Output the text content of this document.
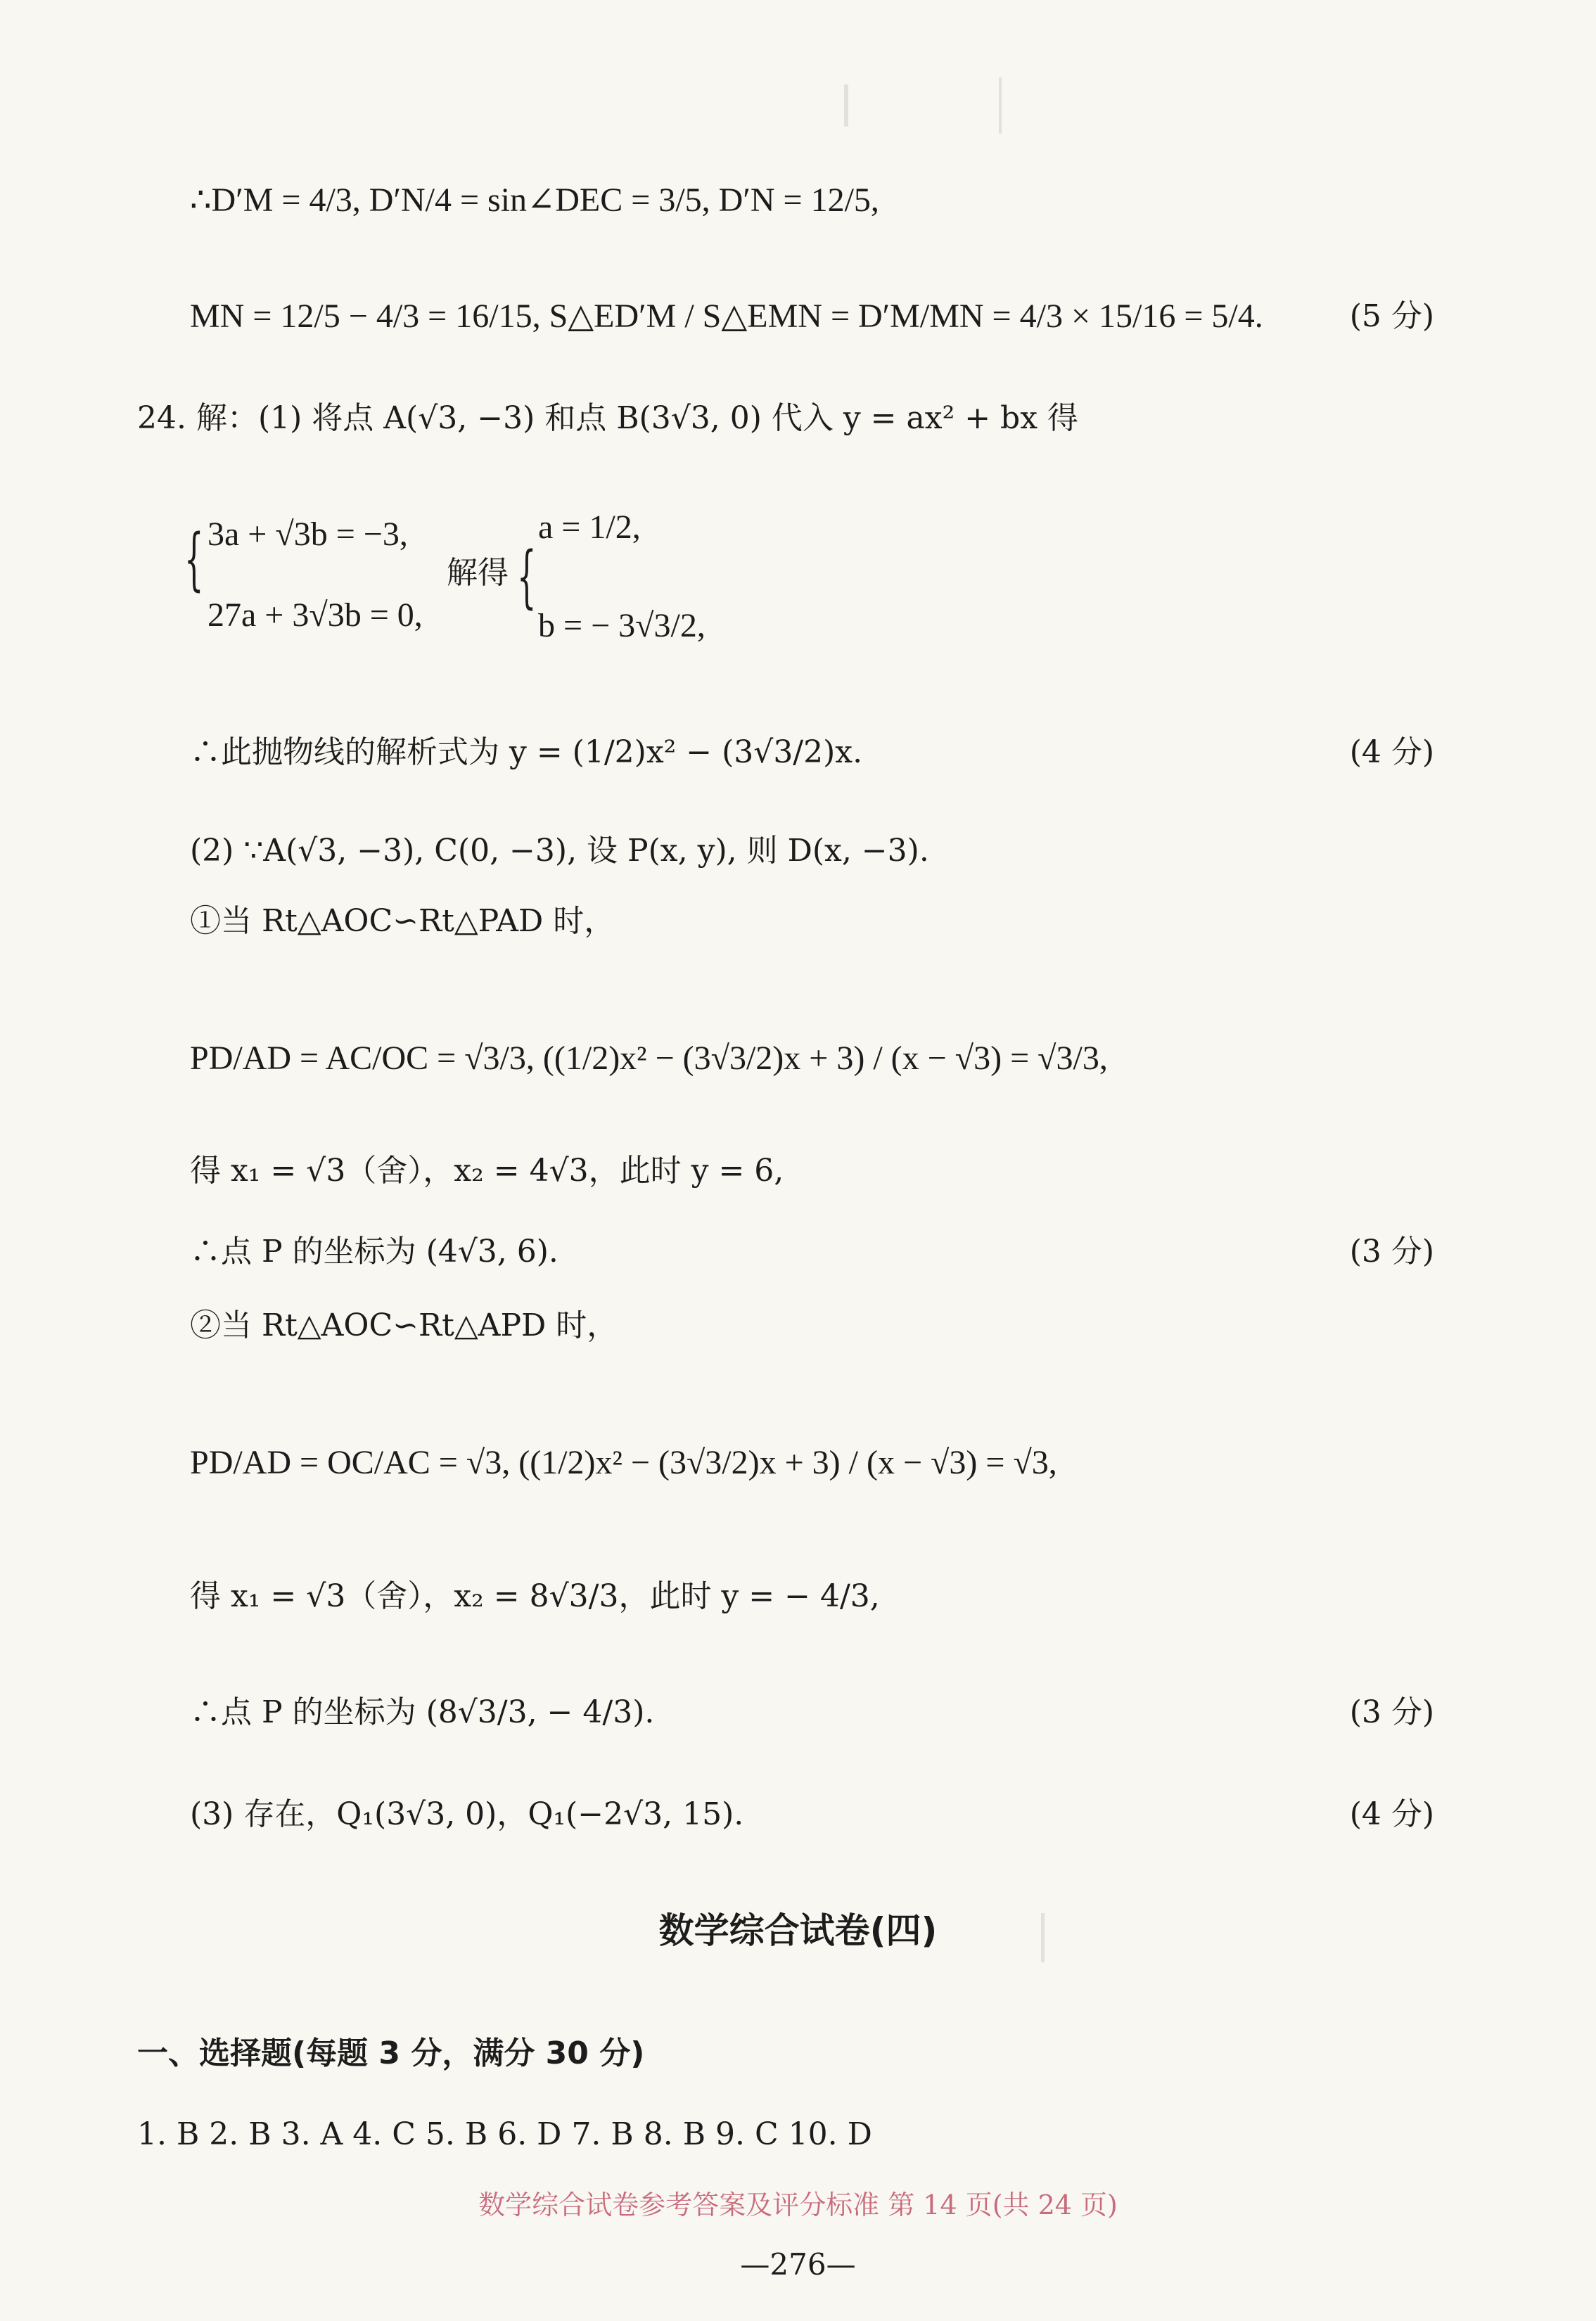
∴D′M = 4/3, D′N/4 = sin∠DEC = 3/5, D′N = 12/5,
MN = 12/5 − 4/3 = 16/15, S△ED′M / S△EMN = D′M/MN = 4/3 × 15/16 = 5/4.	(5 分)
24. 解：(1) 将点 A(√3, −3) 和点 B(3√3, 0) 代入 y = ax² + bx 得
{ 3a + √3b = −3,
27a + 3√3b = 0,
解得 {
a = 1/2,
b = − 3√3/2,
∴此抛物线的解析式为 y = (1/2)x² − (3√3/2)x.	(4 分)
(2) ∵A(√3, −3), C(0, −3), 设 P(x, y), 则 D(x, −3).
①当 Rt△AOC∽Rt△PAD 时，
PD/AD = AC/OC = √3/3, ((1/2)x² − (3√3/2)x + 3) / (x − √3) = √3/3,
得 x₁ = √3（舍），x₂ = 4√3，此时 y = 6,
∴点 P 的坐标为 (4√3, 6).	(3 分)
②当 Rt△AOC∽Rt△APD 时，
PD/AD = OC/AC = √3, ((1/2)x² − (3√3/2)x + 3) / (x − √3) = √3,
得 x₁ = √3（舍），x₂ = 8√3/3，此时 y = − 4/3,
∴点 P 的坐标为 (8√3/3, − 4/3).	(3 分)
(3) 存在，Q₁(3√3, 0)，Q₁(−2√3, 15).	(4 分)
数学综合试卷(四)
一、选择题(每题 3 分，满分 30 分)
1. B 2. B 3. A 4. C 5. B 6. D 7. B 8. B 9. C 10. D
数学综合试卷参考答案及评分标准 第 14 页(共 24 页)
—276—
